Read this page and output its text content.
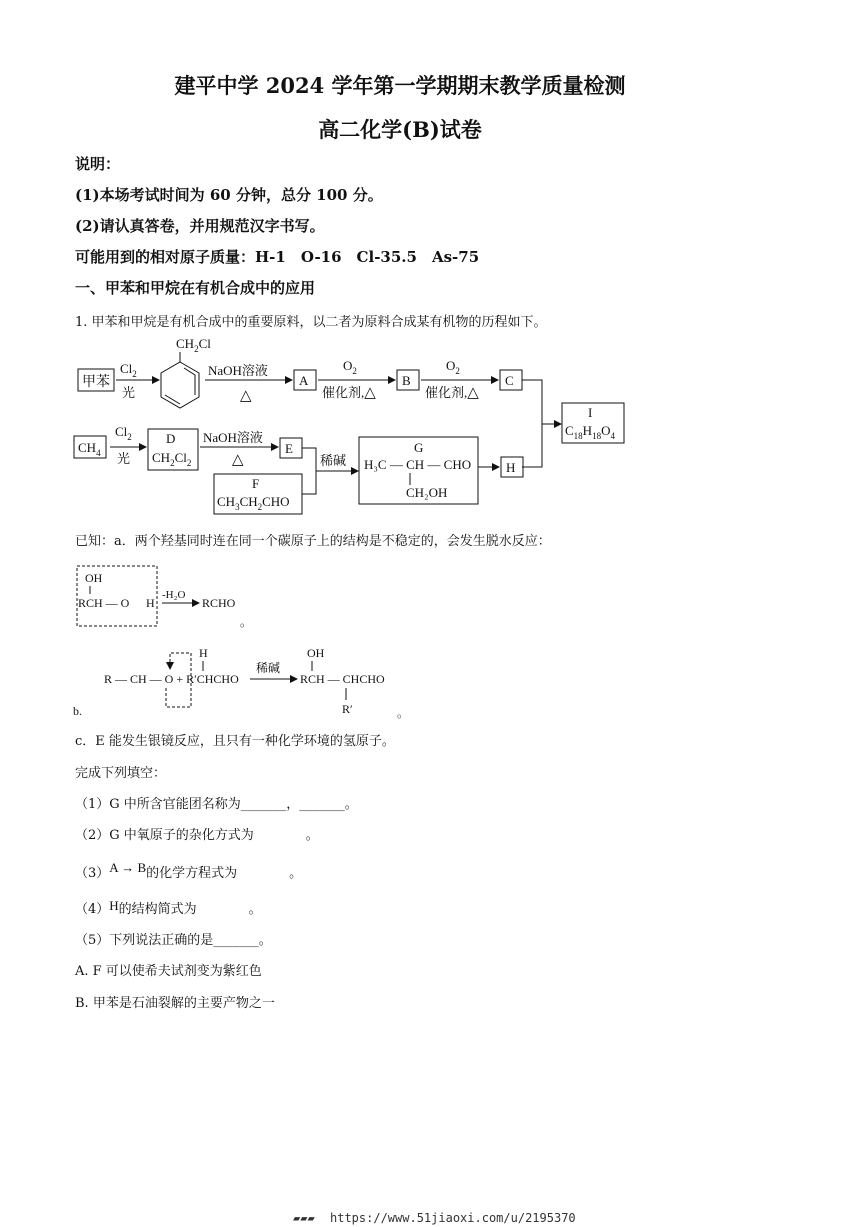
建平中学 2024 学年第一学期期末教学质量检测
高二化学(B)试卷
说明：
(1)本场考试时间为 60 分钟，总分 100 分。
(2)请认真答卷，并用规范汉字书写。
可能用到的相对原子质量：H-1　O-16　Cl-35.5　As-75
一、甲苯和甲烷在有机合成中的应用
1. 甲苯和甲烷是有机合成中的重要原料，以二者为原料合成某有机物的历程如下。
甲苯
$Cl_2$
光
$CH_2Cl$
NaOH溶液
△
A
$O_2$
催化剂,△
B
$O_2$
催化剂,△
C
I
$C_{18}H_{18}O_4$
$CH_4$
$Cl_2$
光
D
$CH_2Cl_2$
NaOH溶液
△
E
F
$CH_3CH_2CHO$
稀碱
G
H₃C — CH — CHO
CH₂OH
H
已知：a．两个羟基同时连在同一个碳原子上的结构是不稳定的，会发生脱水反应：
OH
RCH — O H
-H₂O
RCHO
。
b.
H
R — CH — O + R′CHCHO
稀碱
OH
RCH — CHCHO
R′	。
c．E 能发生银镜反应，且只有一种化学环境的氢原子。
完成下列填空：
（1）G 中所含官能团名称为_______，_______。
（2）G 中氧原子的杂化方式为　　　　。
（3）A → B的化学方程式为　　　　。
（4）H的结构简式为　　　　。
（5）下列说法正确的是_______。
A. F 可以使希夫试剂变为紫红色
B. 甲苯是石油裂解的主要产物之一
▰▰▰ https://www.51jiaoxi.com/u/2195370
